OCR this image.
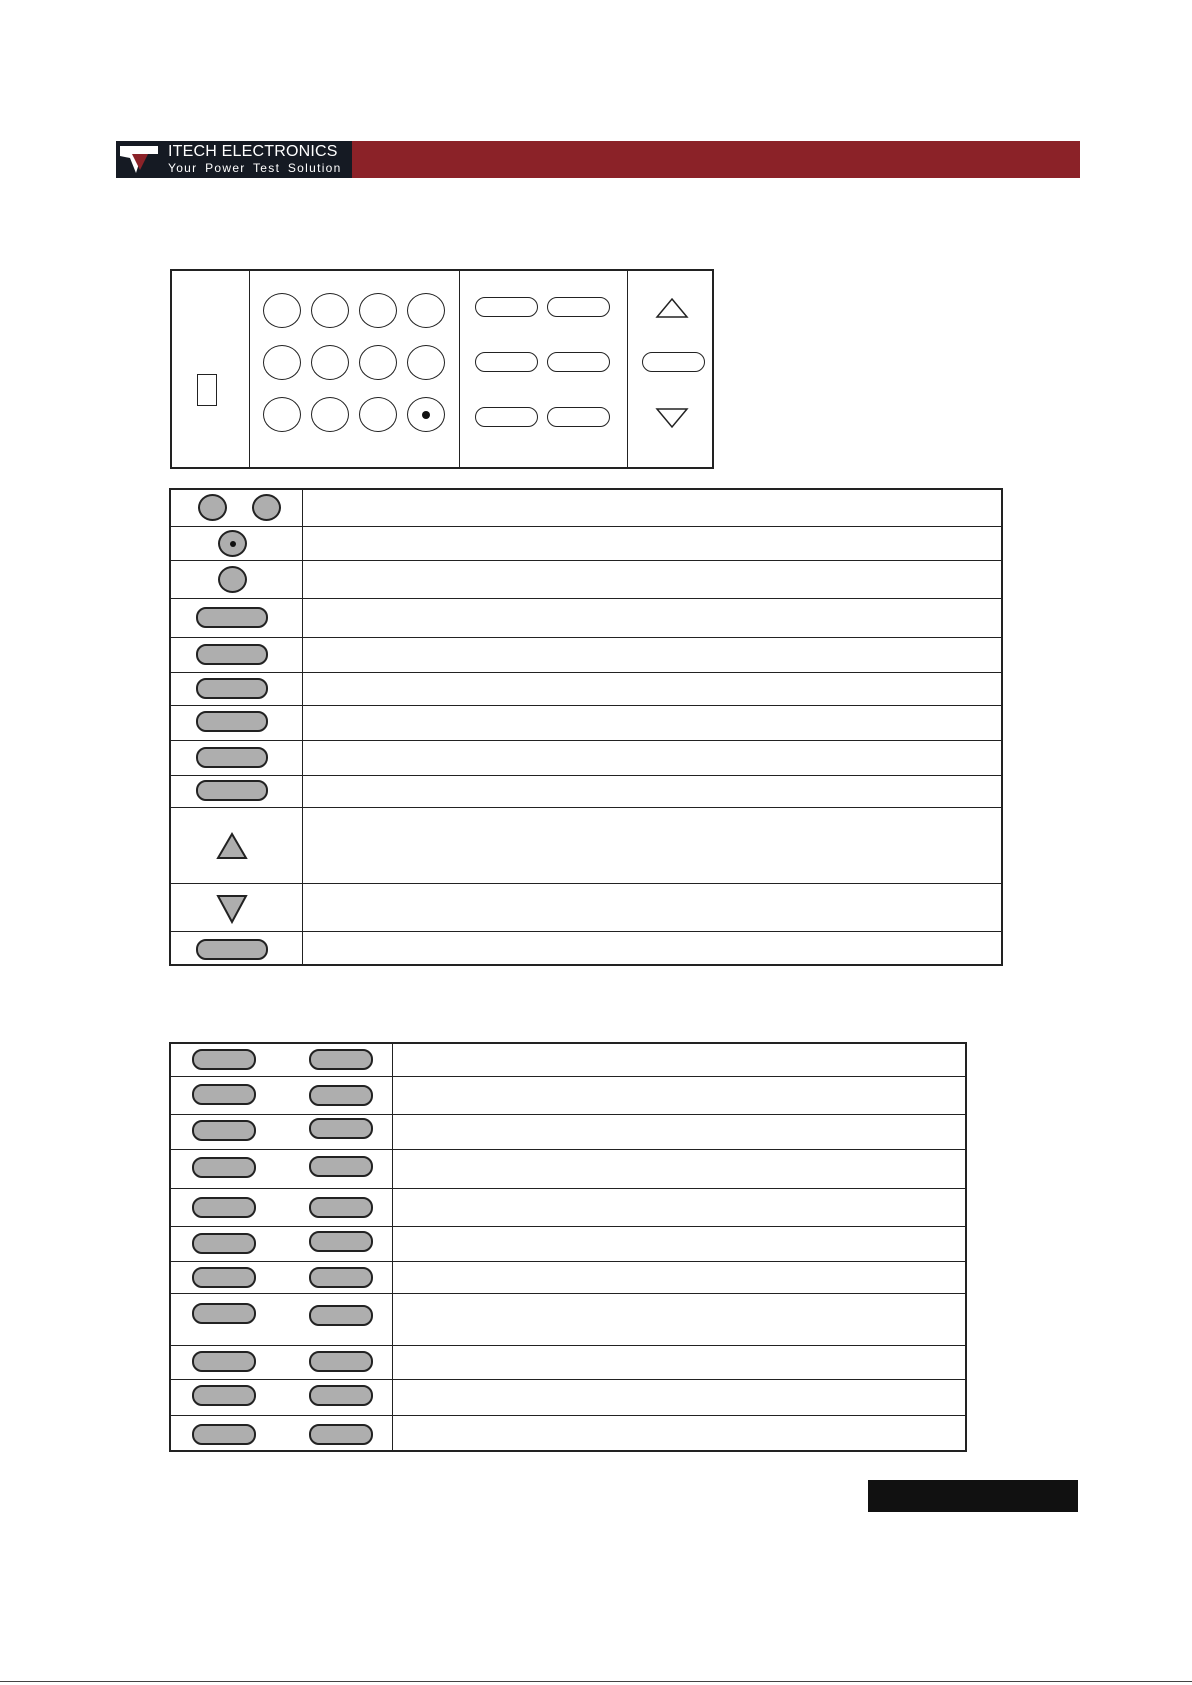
ITECH ELECTRONICS
Your Power Test Solution
